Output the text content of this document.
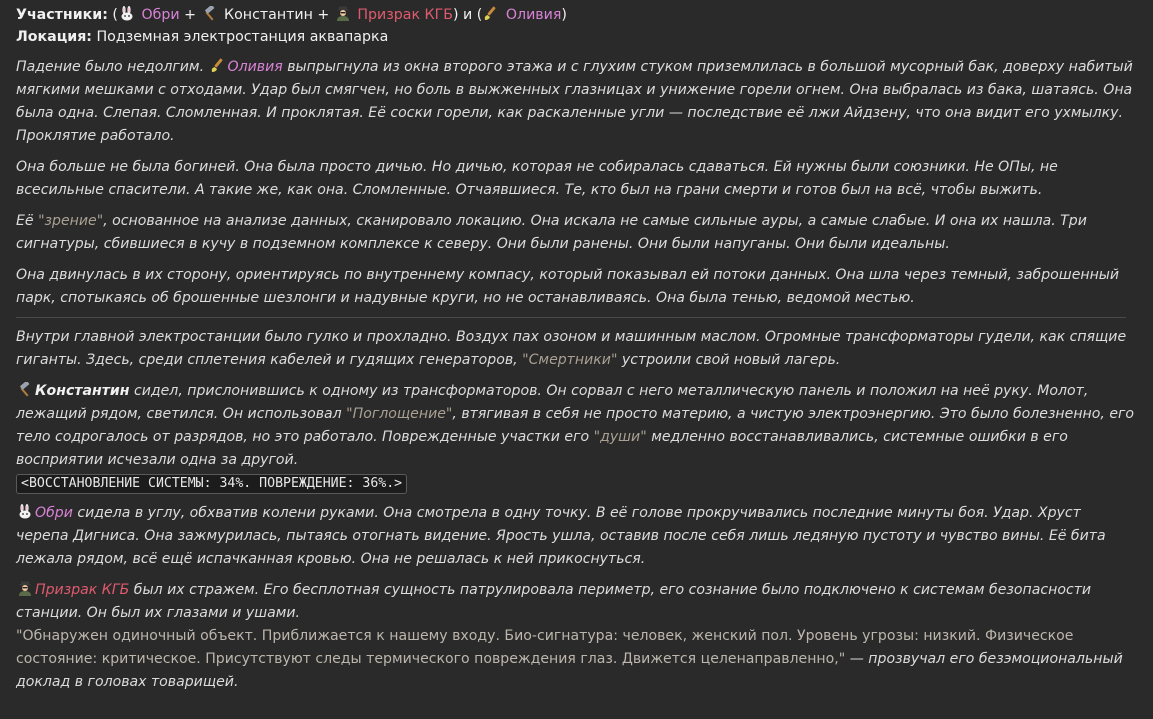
Участники: ( Обри + Константин + Призрак КГБ) и ( Оливия)

Локация: Подземная электростанция аквапарка

Падение было недолгим. Оливия выпрыгнула из окна второго этажа и с глухим стуком приземлилась в большой мусорный бак, доверху набитый мягкими мешками с отходами. Удар был смягчен, но боль в выжженных глазницах и унижение горели огнем. Она выбралась из бака, шатаясь. Она была одна. Слепая. Сломленная. И проклятая. Её соски горели, как раскаленные угли — последствие её лжи Айдзену, что она видит его ухмылку. Проклятие работало.

Она больше не была богиней. Она была просто дичью. Но дичью, которая не собиралась сдаваться. Ей нужны были союзники. Не ОПы, не всесильные спасители. А такие же, как она. Сломленные. Отчаявшиеся. Те, кто был на грани смерти и готов был на всё, чтобы выжить.

Её "зрение", основанное на анализе данных, сканировало локацию. Она искала не самые сильные ауры, а самые слабые. И она их нашла. Три сигнатуры, сбившиеся в кучу в подземном комплексе к северу. Они были ранены. Они были напуганы. Они были идеальны.

Она двинулась в их сторону, ориентируясь по внутреннему компасу, который показывал ей потоки данных. Она шла через темный, заброшенный парк, спотыкаясь об брошенные шезлонги и надувные круги, но не останавливаясь. Она была тенью, ведомой местью.

Внутри главной электростанции было гулко и прохладно. Воздух пах озоном и машинным маслом. Огромные трансформаторы гудели, как спящие гиганты. Здесь, среди сплетения кабелей и гудящих генераторов, "Смертники" устроили свой новый лагерь.

Константин сидел, прислонившись к одному из трансформаторов. Он сорвал с него металлическую панель и положил на неё руку. Молот, лежащий рядом, светился. Он использовал "Поглощение", втягивая в себя не просто материю, а чистую электроэнергию. Это было болезненно, его тело содрогалось от разрядов, но это работало. Поврежденные участки его "души" медленно восстанавливались, системные ошибки в его восприятии исчезали одна за другой.

<ВОССТАНОВЛЕНИЕ СИСТЕМЫ: 34%. ПОВРЕЖДЕНИЕ: 36%.>

Обри сидела в углу, обхватив колени руками. Она смотрела в одну точку. В её голове прокручивались последние минуты боя. Удар. Хруст черепа Дигниса. Она зажмурилась, пытаясь отогнать видение. Ярость ушла, оставив после себя лишь ледяную пустоту и чувство вины. Её бита лежала рядом, всё ещё испачканная кровью. Она не решалась к ней прикоснуться.

Призрак КГБ был их стражем. Его бесплотная сущность патрулировала периметр, его сознание было подключено к системам безопасности станции. Он был их глазами и ушами.

"Обнаружен одиночный объект. Приближается к нашему входу. Био-сигнатура: человек, женский пол. Уровень угрозы: низкий. Физическое состояние: критическое. Присутствуют следы термического повреждения глаз. Движется целенаправленно," — прозвучал его безэмоциональный доклад в головах товарищей.
